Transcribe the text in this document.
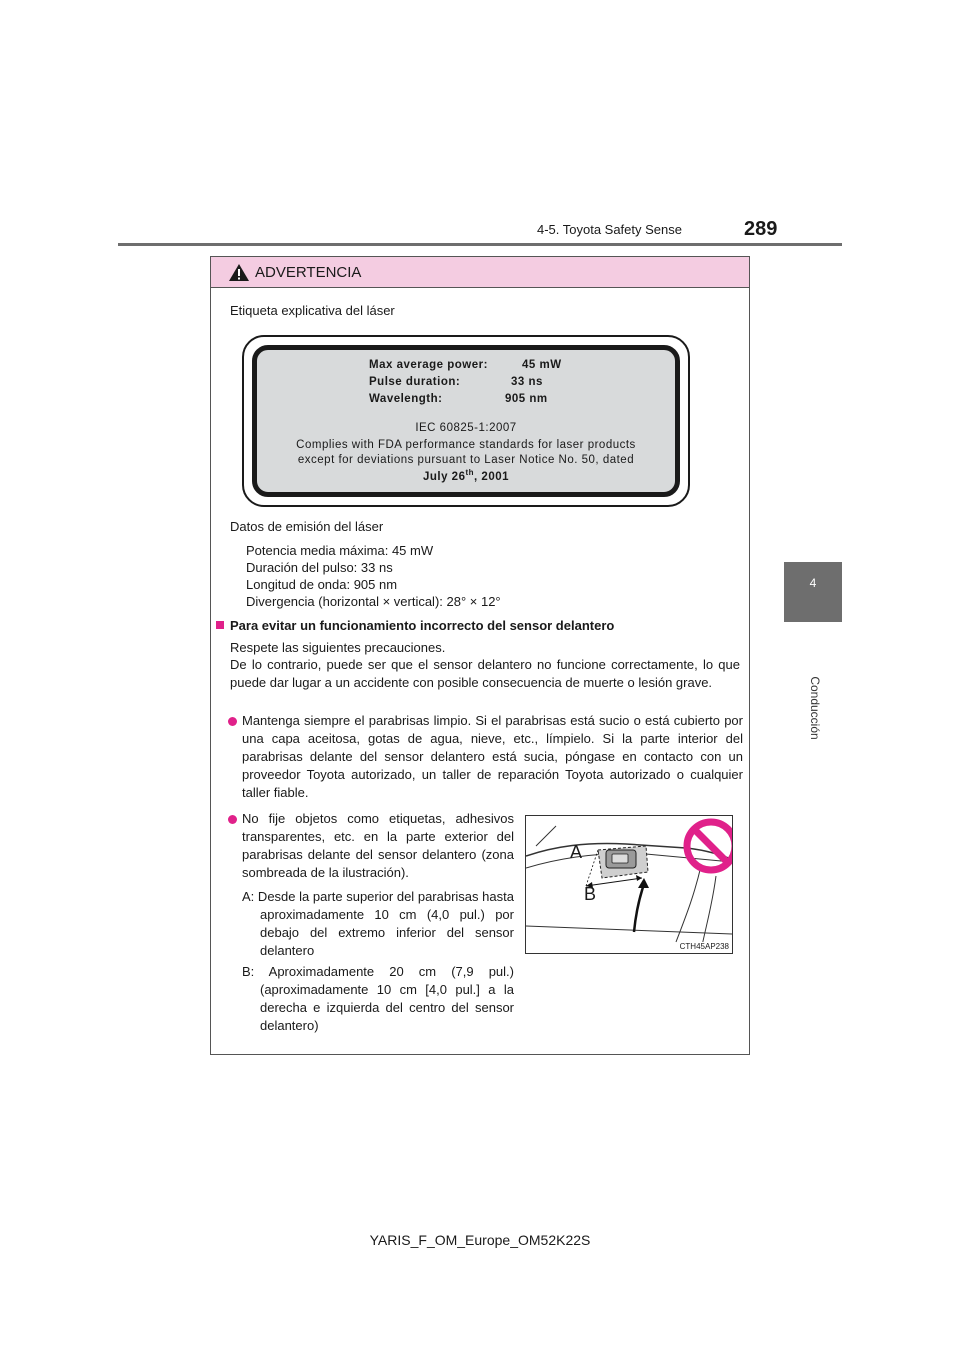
4-5. Toyota Safety Sense	289
4
Conducción
ADVERTENCIA
Etiqueta explicativa del láser
Max average power:	45 mW
Pulse duration:	33 ns
Wavelength:	905 nm
IEC 60825-1:2007
Complies with FDA performance standards for laser products
except for deviations pursuant to Laser Notice No. 50, dated
July 26th, 2001
Datos de emisión del láser
Potencia media máxima: 45 mW
Duración del pulso: 33 ns
Longitud de onda: 905 nm
Divergencia (horizontal × vertical): 28° × 12°
Para evitar un funcionamiento incorrecto del sensor delantero
Respete las siguientes precauciones.
De lo contrario, puede ser que el sensor delantero no funcione correctamente, lo que puede dar lugar a un accidente con posible consecuencia de muerte o lesión grave.
Mantenga siempre el parabrisas limpio. Si el parabrisas está sucio o está cubierto por una capa aceitosa, gotas de agua, nieve, etc., límpielo. Si la parte interior del parabrisas delante del sensor delantero está sucia, póngase en contacto con un proveedor Toyota autorizado, un taller de reparación Toyota autorizado o cualquier taller fiable.
No fije objetos como etiquetas, adhesivos transparentes, etc. en la parte exterior del parabrisas delante del sensor delantero (zona sombreada de la ilustración).
A: Desde la parte superior del parabrisas hasta aproximadamente 10 cm (4,0 pul.) por debajo del extremo inferior del sensor delantero
B: Aproximadamente 20 cm (7,9 pul.) (aproximadamente 10 cm [4,0 pul.] a la derecha e izquierda del centro del sensor delantero)
A
B
CTH45AP238
YARIS_F_OM_Europe_OM52K22S
